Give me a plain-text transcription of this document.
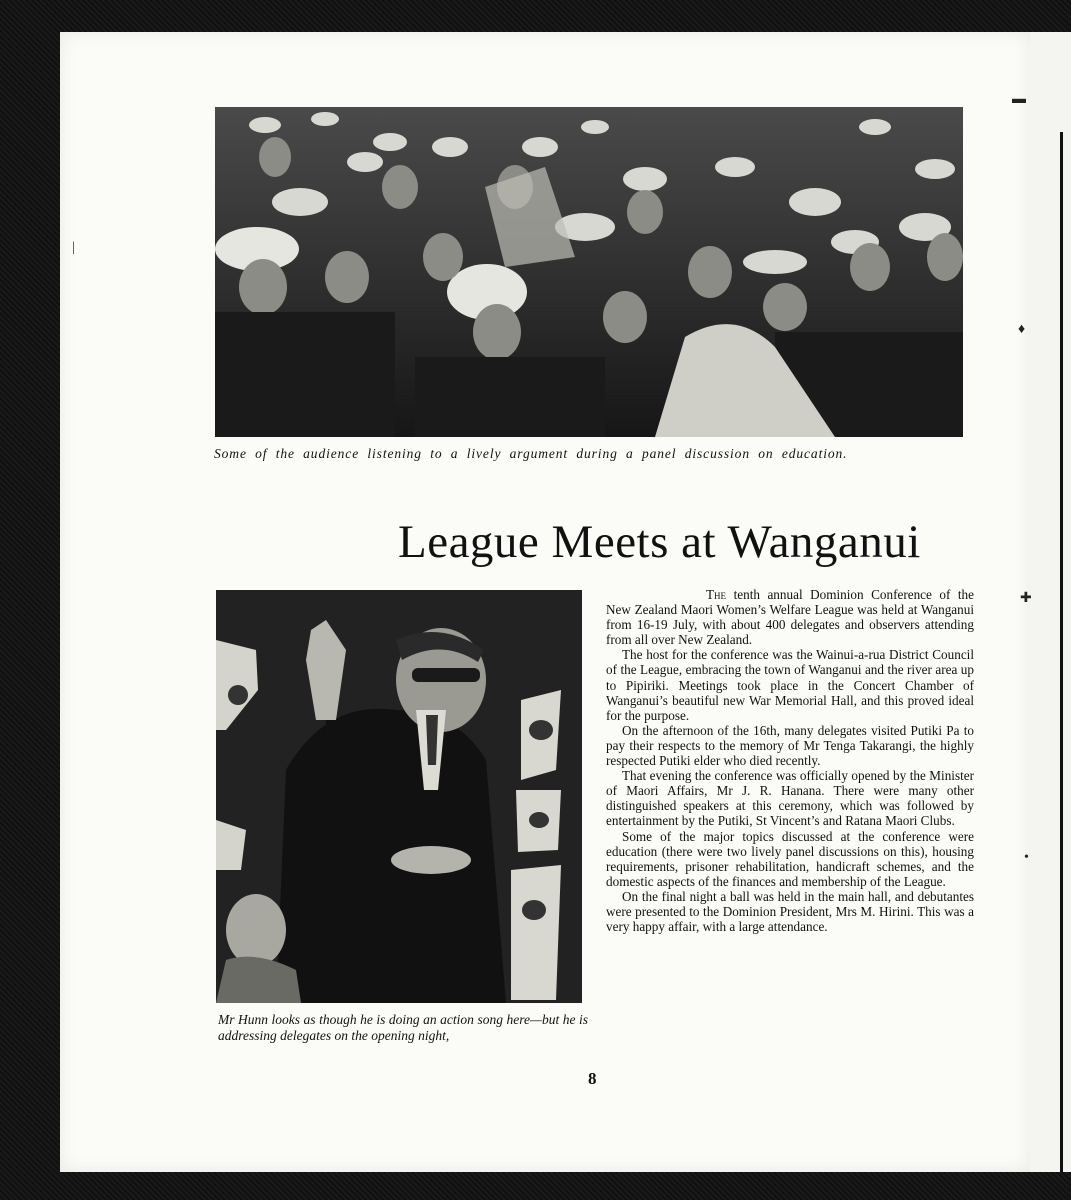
▬
♦
✚
•
|
Some of the audience listening to a lively argument during a panel discussion on education.
League Meets at Wanganui
Mr Hunn looks as though he is doing an action song here—but he is addressing delegates on the opening night,

The tenth annual Dominion Conference of the New Zealand Maori Women’s Welfare League was held at Wanganui from 16-19 July, with about 400 delegates and observers attending from all over New Zealand.

The host for the conference was the Wainui-a-rua District Council of the League, embracing the town of Wanganui and the river area up to Pipiriki. Meetings took place in the Concert Chamber of Wanganui’s beautiful new War Memorial Hall, and this proved ideal for the purpose.

On the afternoon of the 16th, many delegates visited Putiki Pa to pay their respects to the memory of Mr Tenga Takarangi, the highly respected Putiki elder who died recently.

That evening the conference was officially opened by the Minister of Maori Affairs, Mr J. R. Hanana. There were many other distinguished speakers at this ceremony, which was followed by entertainment by the Putiki, St Vincent’s and Ratana Maori Clubs.

Some of the major topics discussed at the conference were education (there were two lively panel discussions on this), housing requirements, prisoner rehabilitation, handicraft schemes, and the domestic aspects of the finances and membership of the League.

On the final night a ball was held in the main hall, and debutantes were presented to the Dominion President, Mrs M. Hirini. This was a very happy affair, with a large attendance.

8
